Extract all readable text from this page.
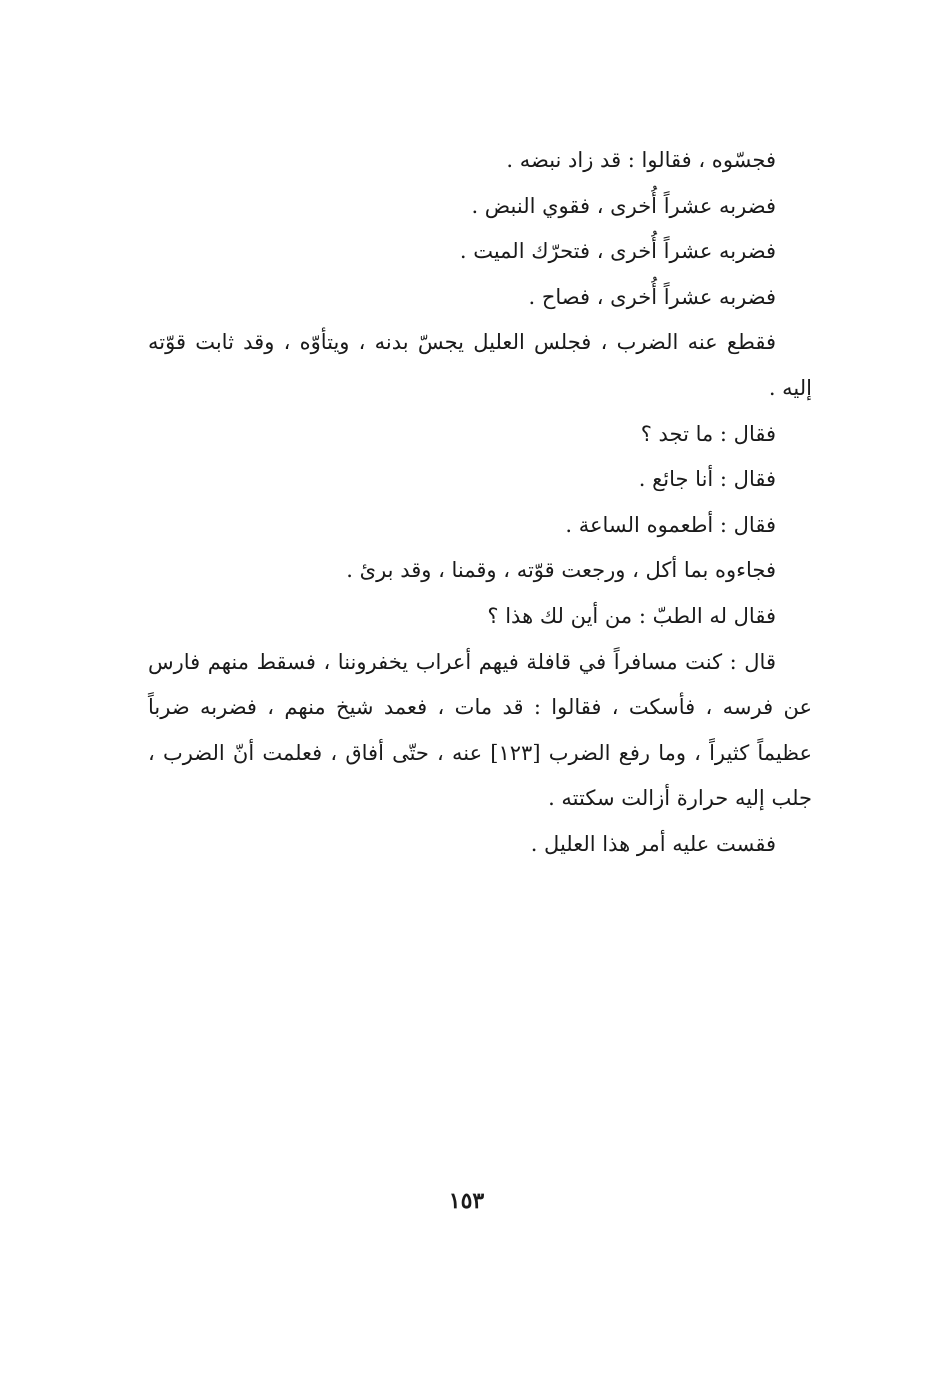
فجسّوه ، فقالوا : قد زاد نبضه .

فضربه عشراً أُخرى ، فقوي النبض .

فضربه عشراً أُخرى ، فتحرّك الميت .

فضربه عشراً أُخرى ، فصاح .

فقطع عنه الضرب ، فجلس العليل يجسّ بدنه ، ويتأوّه ، وقد ثابت قوّته إليه .

فقال : ما تجد ؟

فقال : أنا جائع .

فقال : أطعموه الساعة .

فجاءوه بما أكل ، ورجعت قوّته ، وقمنا ، وقد برئ .

فقال له الطبّ : من أين لك هذا ؟

قال : كنت مسافراً في قافلة فيهم أعراب يخفروننا ، فسقط منهم فارس عن فرسه ، فأسكت ، فقالوا : قد مات ، فعمد شيخ منهم ، فضربه ضرباً عظيماً كثيراً ، وما رفع الضرب [١٢٣] عنه ، حتّى أفاق ، فعلمت أنّ الضرب ، جلب إليه حرارة أزالت سكتته .

فقست عليه أمر هذا العليل .

١٥٣
